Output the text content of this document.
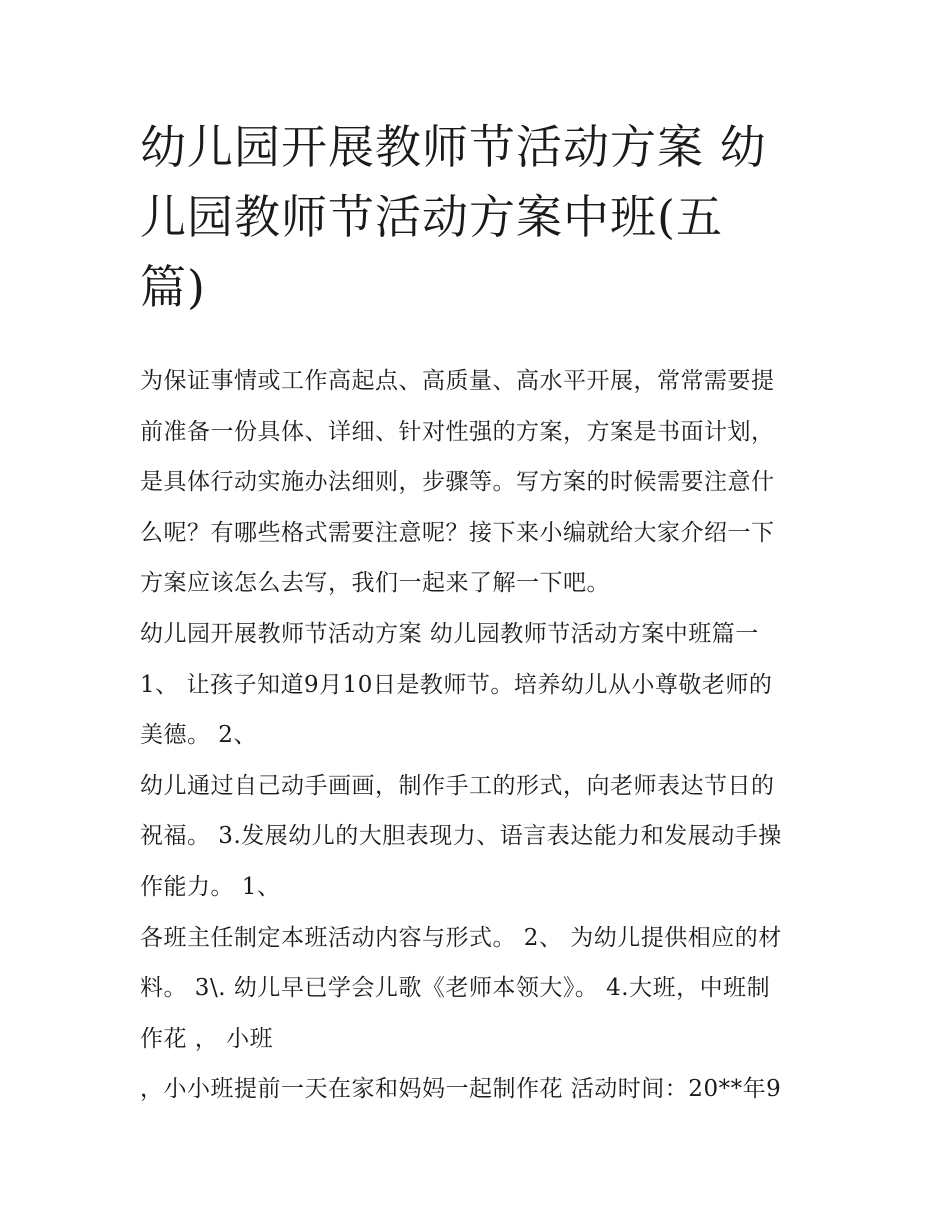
幼儿园开展教师节活动方案 幼
儿园教师节活动方案中班(五
篇)
为保证事情或工作高起点、高质量、高水平开展，常常需要提
前准备一份具体、详细、针对性强的方案，方案是书面计划，
是具体行动实施办法细则，步骤等。写方案的时候需要注意什
么呢？有哪些格式需要注意呢？接下来小编就给大家介绍一下
方案应该怎么去写，我们一起来了解一下吧。
幼儿园开展教师节活动方案 幼儿园教师节活动方案中班篇一
1、 让孩子知道9月10日是教师节。培养幼儿从小尊敬老师的
美德。 2、
幼儿通过自己动手画画，制作手工的形式，向老师表达节日的
祝福。 3.发展幼儿的大胆表现力、语言表达能力和发展动手操
作能力。 1、
各班主任制定本班活动内容与形式。 2、 为幼儿提供相应的材
料。 3\. 幼儿早已学会儿歌《老师本领大》。 4.大班，中班制
作花 ， 小班
，小小班提前一天在家和妈妈一起制作花 活动时间：20**年9
